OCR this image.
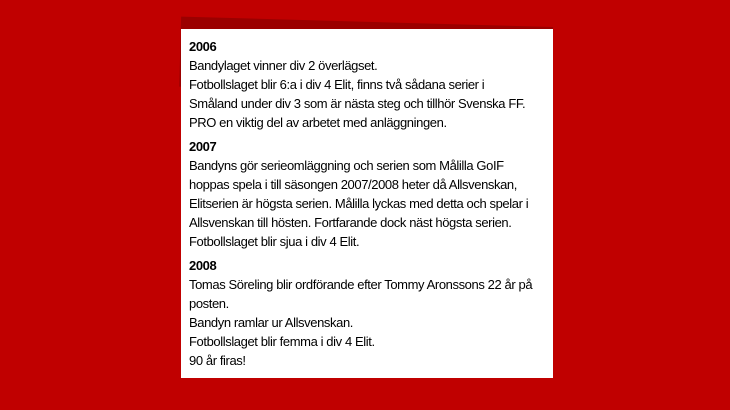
2006
Bandylaget vinner div 2 överlägset.
Fotbollslaget blir 6:a i div 4 Elit, finns två sådana serier i
Småland under div 3 som är nästa steg och tillhör Svenska FF.
PRO en viktig del av arbetet med anläggningen.
2007
Bandyns gör serieomläggning och serien som Målilla GoIF
hoppas spela i till säsongen 2007/2008 heter då Allsvenskan,
Elitserien är högsta serien. Målilla lyckas med detta och spelar i
Allsvenskan till hösten. Fortfarande dock näst högsta serien.
Fotbollslaget blir sjua i div 4 Elit.
2008
Tomas Söreling blir ordförande efter Tommy Aronssons 22 år på
posten.
Bandyn ramlar ur Allsvenskan.
Fotbollslaget blir femma i div 4 Elit.
90 år firas!
